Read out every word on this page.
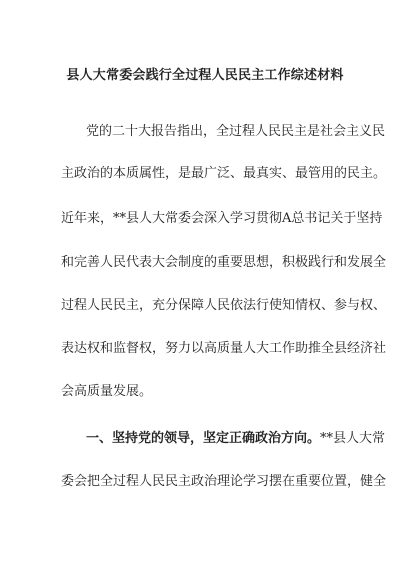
县人大常委会践行全过程人民民主工作综述材料

党的二十大报告指出，全过程人民民主是社会主义民

主政治的本质属性，是最广泛、最真实、最管用的民主。

近年来，**县人大常委会深入学习贯彻A总书记关于坚持

和完善人民代表大会制度的重要思想，积极践行和发展全

过程人民民主，充分保障人民依法行使知情权、参与权、

表达权和监督权，努力以高质量人大工作助推全县经济社

会高质量发展。

一、坚持党的领导，坚定正确政治方向。**县人大常

委会把全过程人民民主政治理论学习摆在重要位置，健全
